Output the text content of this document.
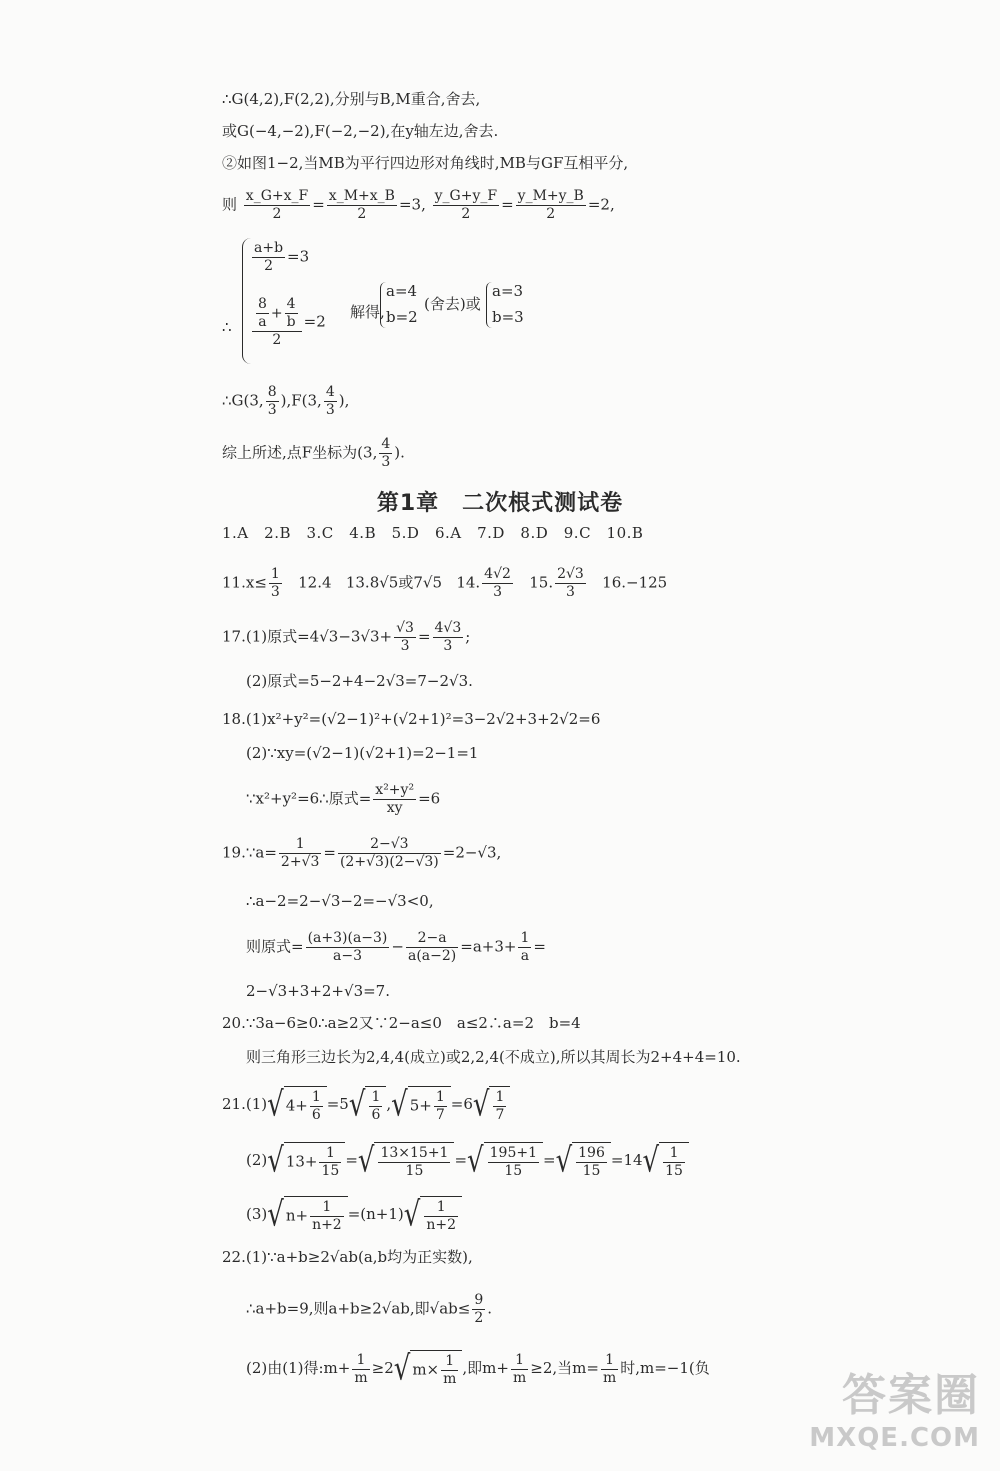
∴G(4,2),F(2,2),分别与B,M重合,舍去,
或G(−4,−2),F(−2,−2),在y轴左边,舍去.
②如图1−2,当MB为平行四边形对角线时,MB与GF互相平分,
则 $\frac{x\_G+x\_F}{2} = \frac{x\_M+x\_B}{2} =3$, $\frac{y\_G+y\_F}{2} = \frac{y\_M+y\_B}{2} =2$,
∴
$\frac{a+b}{2} =3$
$\frac{\frac{8}{a} + \frac{4}{b}}{2} =2$
解得,
a=4
b=2
(舍去)或
a=3
b=3
∴G(3, $\frac{8}{3} ),F(3$, $\frac{4}{3}$ ),
综上所述,点F坐标为(3, $\frac{4}{3}$ ).
第1章　二次根式测试卷
1.A　2.B　3.C　4.B　5.D　6.A　7.D　8.D　9.C　10.B
$11.x\le \frac{1}{3} 12.4$ 13.8√5或7√5 14. $\frac{4√2}{3} 15$. $\frac{2√3}{3} 16.-125$
17.(1)原式$=4√3-3√3+ \frac{√3}{3} = \frac{4√3}{3}$ ;
(2)原式=5−2+4−2√3=7−2√3.
18.(1)x²+y²=(√2−1)²+(√2+1)²=3−2√2+3+2√2=6
(2)∵xy=(√2−1)(√2+1)=2−1=1
∵x²+y²=6∴原式= $\frac{\text{x²+y²}}{xy} =6$
19.∵a= $\frac{1}{2+√3} = \frac{2-√3}{(2+√3)(2-√3)} =2-√3$,
∴a−2=2−√3−2=−√3<0,
则原式= $\frac{(a+3)(a-3)}{a-3} - \frac{2-a}{a(a-2)} =a+3+ \frac{1}{a}$ =
2−√3+3+2+√3=7.
20.∵3a−6≥0∴a≥2又∵2−a≤0　a≤2∴a=2　b=4
则三角形三边长为2,4,4(成立)或2,2,4(不成立),所以其周长为2+4+4=10.
21.(1)√ $4+ \frac{1}{6} =5√ \frac{1}{6}$ ,√ $5+ \frac{1}{7} =6√ \frac{1}{7}$
(2)√ $13+ \frac{1}{15}$ =√ $\frac{13\times 15+1}{15}$ =√ $\frac{195+1}{15}$ =√ $\frac{196}{15} =14√ \frac{1}{15}$
(3)√ $n+ \frac{1}{n+2} =(n+1)√ \frac{1}{n+2}$
22.(1)∵a+b≥2√ab(a,b均为正实数),
∴a+b=9,则a+b≥2√ab,即$√ab\le \frac{9}{2}$ .
(2)由(1)得:m+ $\frac{1}{m} \ge 2√$ $m\times \frac{1}{m}$ ,即$m+ \frac{1}{m} \ge 2$,当$m= \frac{1}{m}$ 时,m=−1(负
答案圈
MXQE.COM
